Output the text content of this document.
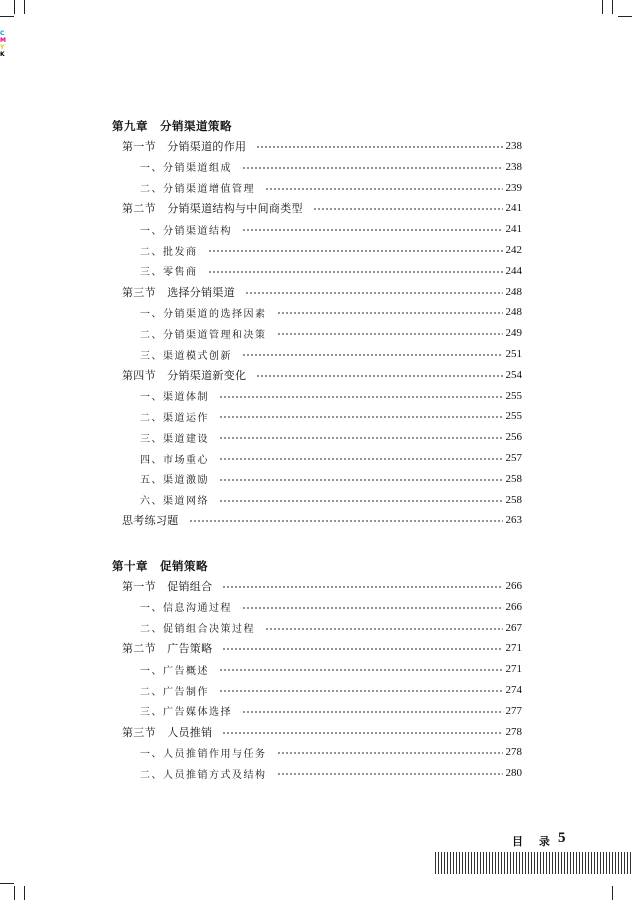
C
M
Y
K
第九章　分销渠道策略
第一节　分销渠道的作用	238
一、分销渠道组成	238
二、分销渠道增值管理	239
第二节　分销渠道结构与中间商类型	241
一、分销渠道结构	241
二、批发商	242
三、零售商	244
第三节　选择分销渠道	248
一、分销渠道的选择因素	248
二、分销渠道管理和决策	249
三、渠道模式创新	251
第四节　分销渠道新变化	254
一、渠道体制	255
二、渠道运作	255
三、渠道建设	256
四、市场重心	257
五、渠道激励	258
六、渠道网络	258
思考练习题	263
第十章　促销策略
第一节　促销组合	266
一、信息沟通过程	266
二、促销组合决策过程	267
第二节　广告策略	271
一、广告概述	271
二、广告制作	274
三、广告媒体选择	277
第三节　人员推销	278
一、人员推销作用与任务	278
二、人员推销方式及结构	280
目 录 5
